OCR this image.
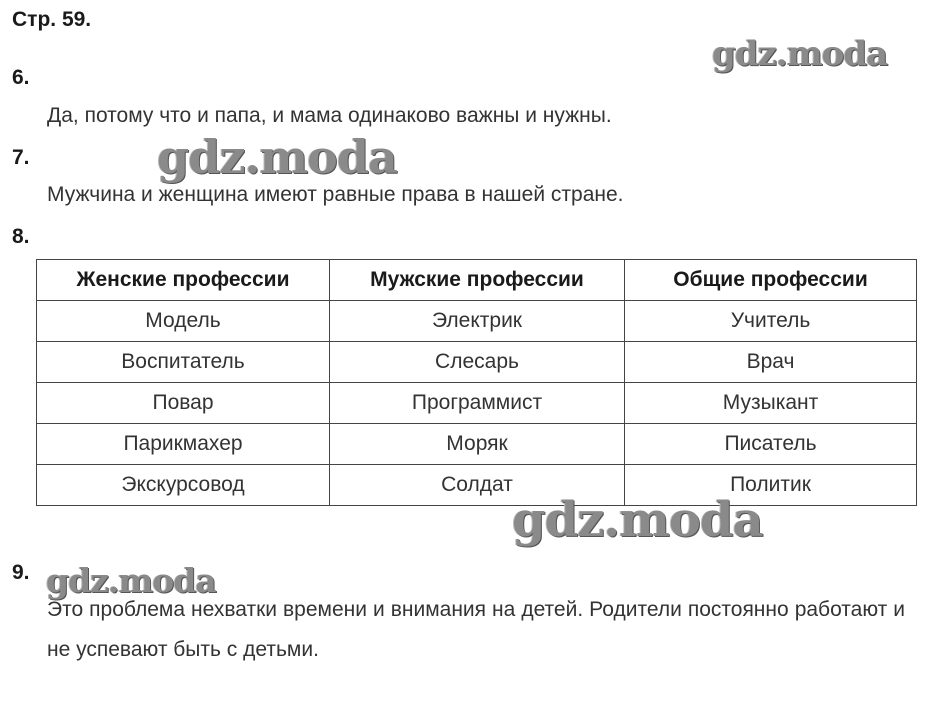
Стр. 59.
gdz.moda
6.
Да, потому что и папа, и мама одинаково важны и нужны.
7.	gdz.moda
Мужчина и женщина имеют равные права в нашей стране.
8.
Женские профессии	Мужские профессии	Общие профессии
Модель	Электрик	Учитель
Воспитатель	Слесарь	Врач
Повар	Программист	Музыкант
Парикмахер	Моряк	Писатель
Экскурсовод	Солдат	Политик
gdz.moda
9. gdz.moda
Это проблема нехватки времени и внимания на детей. Родители постоянно работают и не успевают быть с детьми.
